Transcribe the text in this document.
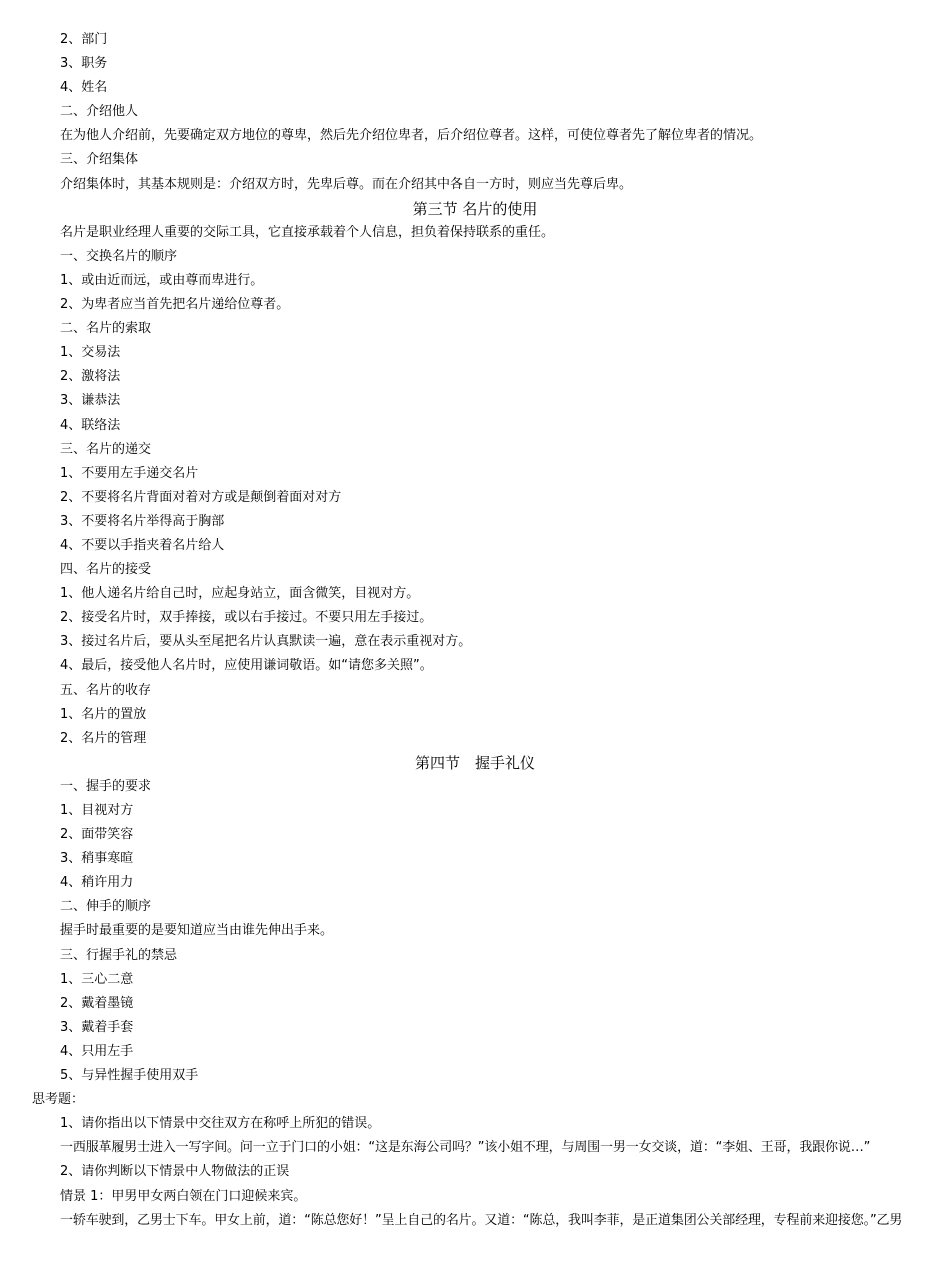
2、部门
3、职务
4、姓名
二、介绍他人
在为他人介绍前，先要确定双方地位的尊卑，然后先介绍位卑者，后介绍位尊者。这样，可使位尊者先了解位卑者的情况。
三、介绍集体
介绍集体时，其基本规则是：介绍双方时，先卑后尊。而在介绍其中各自一方时，则应当先尊后卑。
第三节 名片的使用
名片是职业经理人重要的交际工具，它直接承载着个人信息，担负着保持联系的重任。
一、交换名片的顺序
1、或由近而远，或由尊而卑进行。
2、为卑者应当首先把名片递给位尊者。
二、名片的索取
1、交易法
2、激将法
3、谦恭法
4、联络法
三、名片的递交
1、不要用左手递交名片
2、不要将名片背面对着对方或是颠倒着面对对方
3、不要将名片举得高于胸部
4、不要以手指夹着名片给人
四、名片的接受
1、他人递名片给自己时，应起身站立，面含微笑，目视对方。
2、接受名片时，双手捧接，或以右手接过。不要只用左手接过。
3、接过名片后，要从头至尾把名片认真默读一遍，意在表示重视对方。
4、最后，接受他人名片时，应使用谦词敬语。如“请您多关照”。
五、名片的收存
1、名片的置放
2、名片的管理
第四节　握手礼仪
一、握手的要求
1、目视对方
2、面带笑容
3、稍事寒暄
4、稍许用力
二、伸手的顺序
握手时最重要的是要知道应当由谁先伸出手来。
三、行握手礼的禁忌
1、三心二意
2、戴着墨镜
3、戴着手套
4、只用左手
5、与异性握手使用双手
思考题：
1、请你指出以下情景中交往双方在称呼上所犯的错误。
一西服革履男士进入一写字间。问一立于门口的小姐：“这是东海公司吗？”该小姐不理，与周围一男一女交谈，道：“李姐、王哥，我跟你说…”
2、请你判断以下情景中人物做法的正误
情景 1：甲男甲女两白领在门口迎候来宾。
一轿车驶到，乙男士下车。甲女上前，道：“陈总您好！”呈上自己的名片。又道：“陈总，我叫李菲，是正道集团公关部经理，专程前来迎接您。”乙男
